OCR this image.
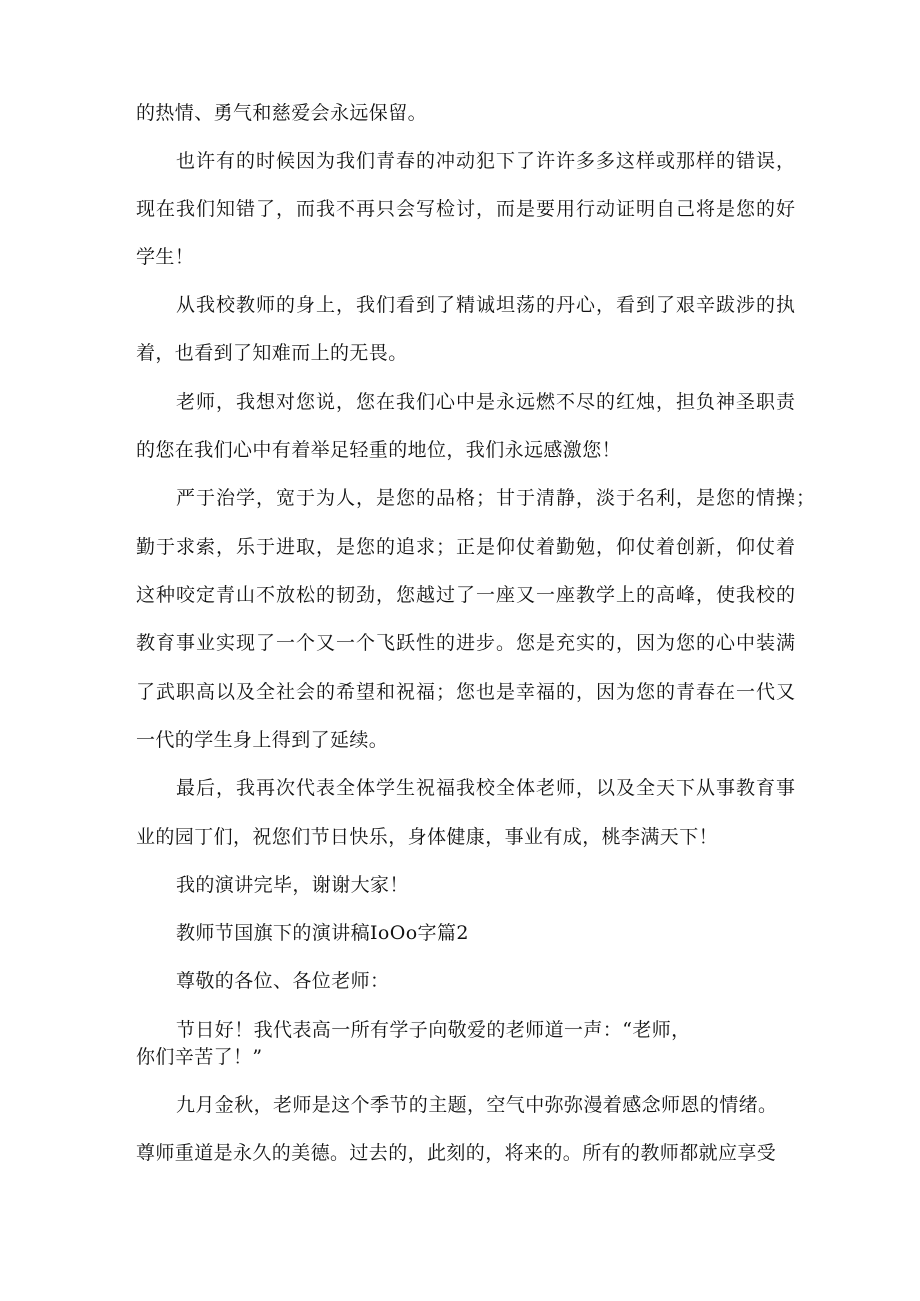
的热情、勇气和慈爱会永远保留。
也许有的时候因为我们青春的冲动犯下了许许多多这样或那样的错误，
现在我们知错了，而我不再只会写检讨，而是要用行动证明自己将是您的好
学生！
从我校教师的身上，我们看到了精诚坦荡的丹心，看到了艰辛跋涉的执
着，也看到了知难而上的无畏。
老师，我想对您说，您在我们心中是永远燃不尽的红烛，担负神圣职责
的您在我们心中有着举足轻重的地位，我们永远感激您！
严于治学，宽于为人，是您的品格；甘于清静，淡于名利，是您的情操；
勤于求索，乐于进取，是您的追求；正是仰仗着勤勉，仰仗着创新，仰仗着
这种咬定青山不放松的韧劲，您越过了一座又一座教学上的高峰，使我校的
教育事业实现了一个又一个飞跃性的进步。您是充实的，因为您的心中装满
了武职高以及全社会的希望和祝福；您也是幸福的，因为您的青春在一代又
一代的学生身上得到了延续。
最后，我再次代表全体学生祝福我校全体老师，以及全天下从事教育事
业的园丁们，祝您们节日快乐，身体健康，事业有成，桃李满天下！
我的演讲完毕，谢谢大家！
教师节国旗下的演讲稿IoOo字篇2
尊敬的各位、各位老师：
节日好！我代表高一所有学子向敬爱的老师道一声：“老师，
你们辛苦了！”
九月金秋，老师是这个季节的主题，空气中弥弥漫着感念师恩的情绪。
尊师重道是永久的美德。过去的，此刻的，将来的。所有的教师都就应享受
